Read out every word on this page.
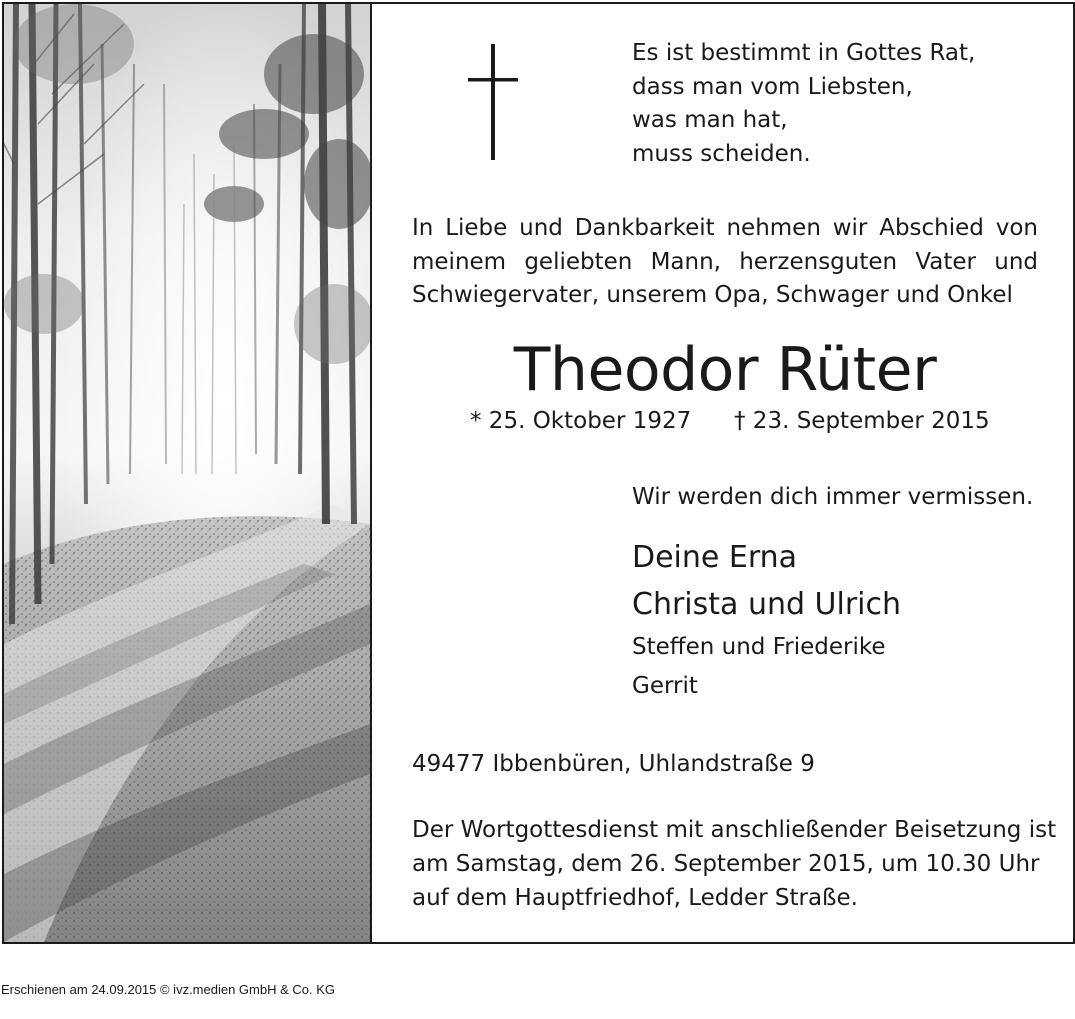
Es ist bestimmt in Gottes Rat,
dass man vom Liebsten,
was man hat,
muss scheiden.
In Liebe und Dankbarkeit nehmen wir Abschied von
meinem geliebten Mann, herzensguten Vater und
Schwiegervater, unserem Opa, Schwager und Onkel
Theodor Rüter
* 25. Oktober 1927 † 23. September 2015
Wir werden dich immer vermissen.
Deine Erna
Christa und Ulrich
Steffen und Friederike
Gerrit
49477 Ibbenbüren, Uhlandstraße 9
Der Wortgottesdienst mit anschließender Beisetzung ist
am Samstag, dem 26. September 2015, um 10.30 Uhr
auf dem Hauptfriedhof, Ledder Straße.
Erschienen am 24.09.2015 © ivz.medien GmbH & Co. KG
